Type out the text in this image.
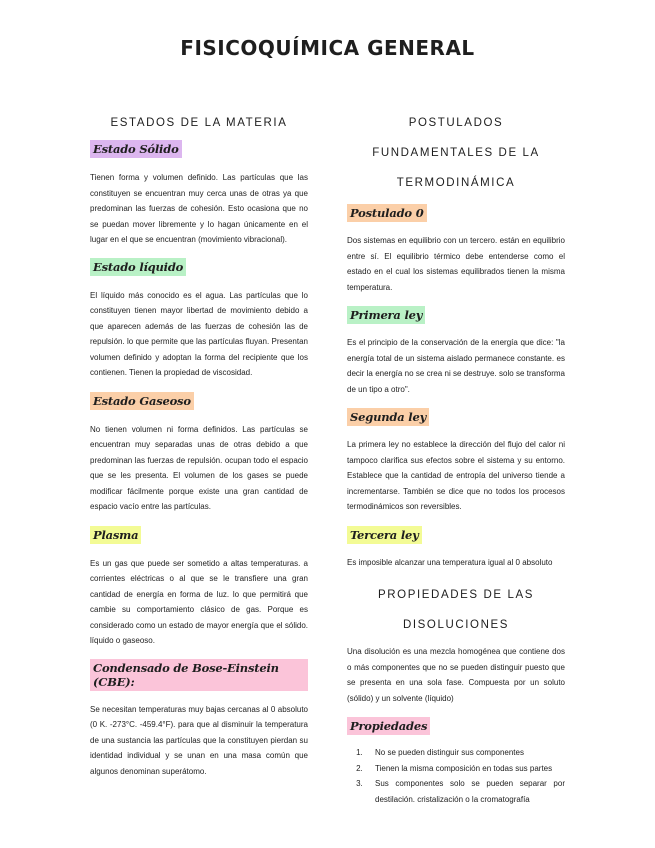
FISICOQUÍMICA GENERAL
ESTADOS DE LA MATERIA
Estado Sólido

Tienen forma y volumen definido. Las partículas que las constituyen se encuentran muy cerca unas de otras ya que predominan las fuerzas de cohesión. Esto ocasiona que no se puedan mover libremente y lo hagan únicamente en el lugar en el que se encuentran (movimiento vibracional).

Estado líquido

El líquido más conocido es el agua. Las partículas que lo constituyen tienen mayor libertad de movimiento debido a que aparecen además de las fuerzas de cohesión las de repulsión. lo que permite que las partículas fluyan. Presentan volumen definido y adoptan la forma del recipiente que los contienen. Tienen la propiedad de viscosidad.

Estado Gaseoso

No tienen volumen ni forma definidos. Las partículas se encuentran muy separadas unas de otras debido a que predominan las fuerzas de repulsión. ocupan todo el espacio que se les presenta. El volumen de los gases se puede modificar fácilmente porque existe una gran cantidad de espacio vacío entre las partículas.

Plasma

Es un gas que puede ser sometido a altas temperaturas. a corrientes eléctricas o al que se le transfiere una gran cantidad de energía en forma de luz. lo que permitirá que cambie su comportamiento clásico de gas. Porque es considerado como un estado de mayor energía que el sólido. líquido o gaseoso.

Condensado de Bose-Einstein (CBE):

Se necesitan temperaturas muy bajas cercanas al 0 absoluto (0 K. -273°C. -459.4°F). para que al disminuir la temperatura de una sustancia las partículas que la constituyen pierdan su identidad individual y se unan en una masa común que algunos denominan superátomo.

POSTULADOS FUNDAMENTALES DE LA TERMODINÁMICA
Postulado 0

Dos sistemas en equilibrio con un tercero. están en equilibrio entre sí. El equilibrio térmico debe entenderse como el estado en el cual los sistemas equilibrados tienen la misma temperatura.

Primera ley

Es el principio de la conservación de la energía que dice: "la energía total de un sistema aislado permanece constante. es decir la energía no se crea ni se destruye. solo se transforma de un tipo a otro".

Segunda ley

La primera ley no establece la dirección del flujo del calor ni tampoco clarifica sus efectos sobre el sistema y su entorno. Establece que la cantidad de entropía del universo tiende a incrementarse. También se dice que no todos los procesos termodinámicos son reversibles.

Tercera ley

Es imposible alcanzar una temperatura igual al 0 absoluto

PROPIEDADES DE LAS DISOLUCIONES

Una disolución es una mezcla homogénea que contiene dos o más componentes que no se pueden distinguir puesto que se presenta en una sola fase. Compuesta por un soluto (sólido) y un solvente (líquido)

Propiedades
1. No se pueden distinguir sus componentes
2. Tienen la misma composición en todas sus partes
3. Sus componentes solo se pueden separar por destilación. cristalización o la cromatografía
